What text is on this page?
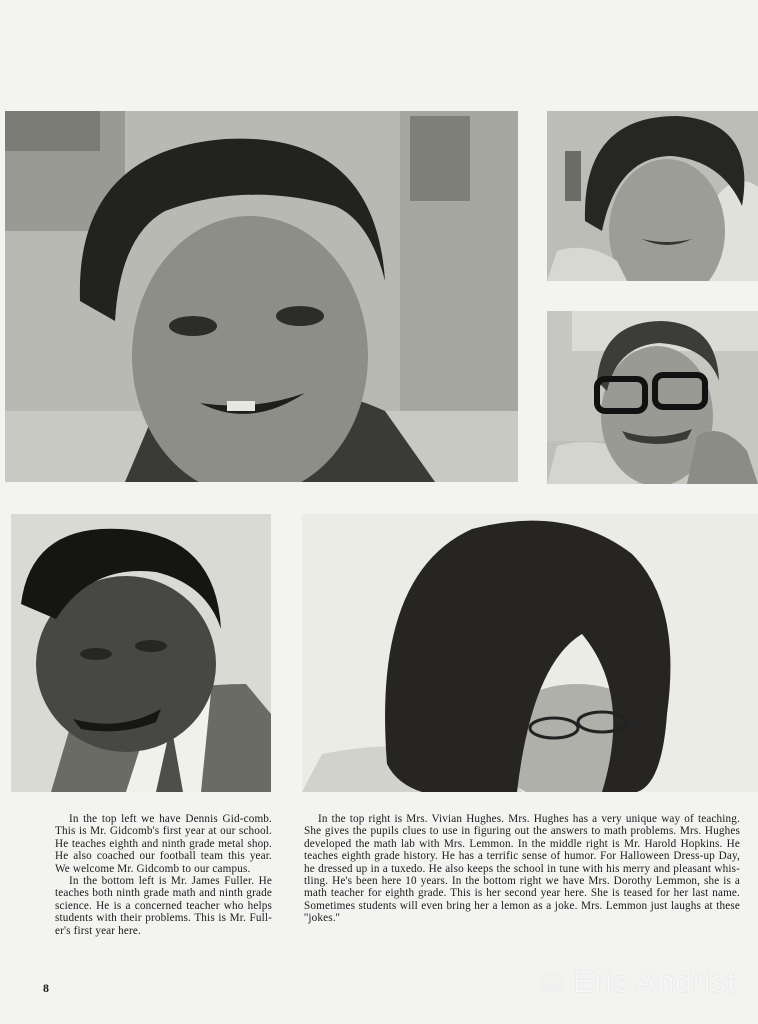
In the top left we have Dennis Gid-comb. This is Mr. Gidcomb's first year at our school. He teaches eighth and ninth grade metal shop. He also coached our football team this year. We welcome Mr. Gidcomb to our campus.

In the bottom left is Mr. James Fuller. He teaches both ninth grade math and ninth grade science. He is a concerned teacher who helps students with their problems. This is Mr. Full-er's first year here.

In the top right is Mrs. Vivian Hughes. Mrs. Hughes has a very unique way of teaching. She gives the pupils clues to use in figuring out the answers to math problems. Mrs. Hughes developed the math lab with Mrs. Lemmon. In the middle right is Mr. Harold Hopkins. He teaches eighth grade history. He has a terrific sense of humor. For Halloween Dress-up Day, he dressed up in a tuxedo. He also keeps the school in tune with his merry and pleasant whis-tling. He's been here 10 years. In the bottom right we have Mrs. Dorothy Lemmon, she is a math teacher for eighth grade. This is her second year here. She is teased for her last name. Sometimes students will even bring her a lemon as a joke. Mrs. Lemmon just laughs at these ''jokes.''

8	© Eric Andrist
